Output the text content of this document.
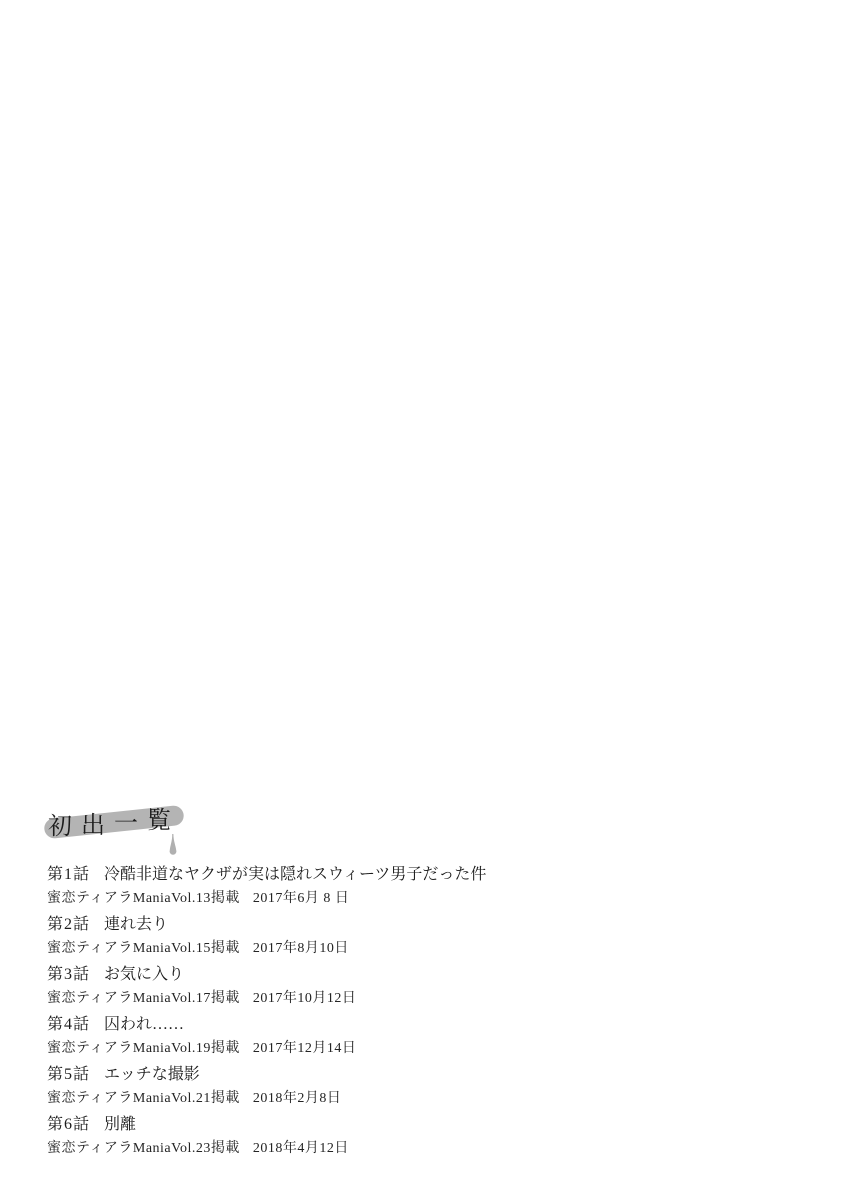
初 出 一 覧
第1話 冷酷非道なヤクザが実は隠れスウィーツ男子だった件
蜜恋ティアラManiaVol.13掲載 2017年6月 8 日
第2話 連れ去り
蜜恋ティアラManiaVol.15掲載 2017年8月10日
第3話 お気に入り
蜜恋ティアラManiaVol.17掲載 2017年10月12日
第4話 囚われ……
蜜恋ティアラManiaVol.19掲載 2017年12月14日
第5話 エッチな撮影
蜜恋ティアラManiaVol.21掲載 2018年2月8日
第6話 別離
蜜恋ティアラManiaVol.23掲載 2018年4月12日
